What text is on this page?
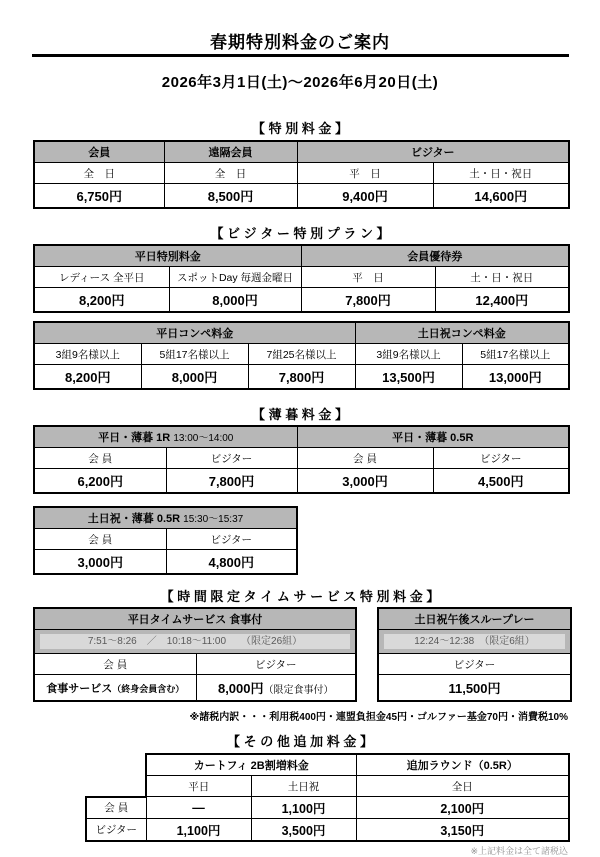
春期特別料金のご案内
2026年3月1日(土)～2026年6月20日(土)
【 特 別 料 金 】
会員	遠隔会員	ビジター	
全　日	全　日	平　日	土・日・祝日
6,750円	8,500円	9,400円	14,600円
【 ビ ジ タ ー 特 別 プ ラ ン 】
平日特別料金		会員優待券	
レディース 全平日	スポットDay 毎週金曜日	平　日	土・日・祝日
8,200円	8,000円	7,800円	12,400円
平日コンペ料金			土日祝コンペ料金	
3組9名様以上	5組17名様以上	7組25名様以上	3組9名様以上	5組17名様以上
8,200円	8,000円	7,800円	13,500円	13,000円
【 薄 暮 料 金 】
平日・薄暮 1R 13:00～14:00		平日・薄暮 0.5R	
会 員	ビジター	会 員	ビジター
6,200円	7,800円	3,000円	4,500円
土日祝・薄暮 0.5R 15:30～15:37	
会 員	ビジター
3,000円	4,800円
【 時 間 限 定 タ イ ム サ ー ビ ス 特 別 料 金 】
平日タイムサービス 食事付	

7:51～8:26　／　10:18～11:00　　（限定26組）	

会 員	ビジター
食事サービス（終身会員含む）	8,000円（限定食事付）
土日祝午後スループレー

12:24～12:38　（限定6組）

ビジター
11,500円
※諸税内訳・・・利用税400円・連盟負担金45円・ゴルファー基金70円・消費税10%
【 そ の 他 追 加 料 金 】
	カートフィ 2B割増料金		追加ラウンド（0.5R）
	平日	土日祝	全日
会 員	―	1,100円	2,100円
ビジター	1,100円	3,500円	3,150円
※上記料金は全て諸税込
